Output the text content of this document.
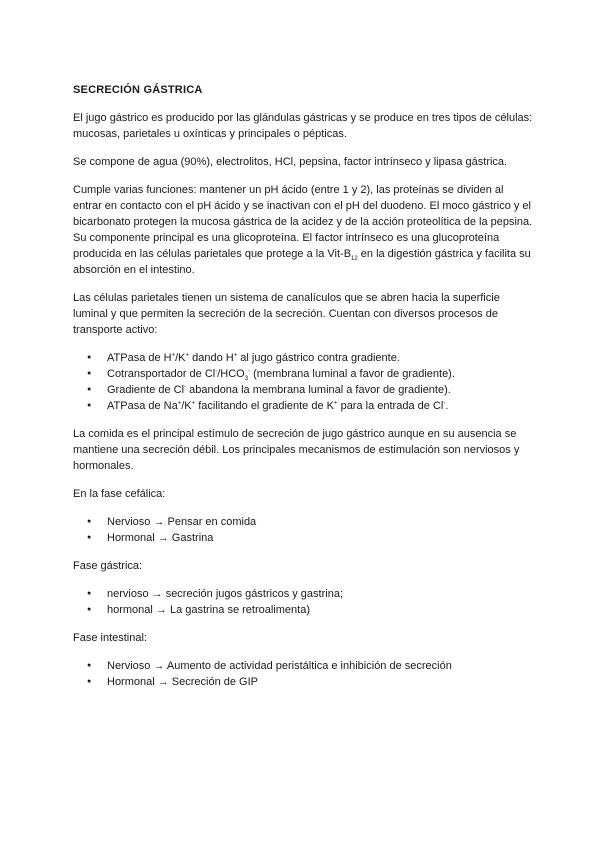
SECRECIÓN GÁSTRICA

El jugo gástrico es producido por las glándulas gástricas y se produce en tres tipos de células: mucosas, parietales u oxínticas y principales o pépticas.

Se compone de agua (90%), electrolitos, HCl, pepsina, factor intrínseco y lipasa gástrica.

Cumple varias funciones: mantener un pH ácido (entre 1 y 2), las proteínas se dividen al entrar en contacto con el pH ácido y se inactivan con el pH del duodeno. El moco gástrico y el bicarbonato protegen la mucosa gástrica de la acidez y de la acción proteolítica de la pepsina. Su componente principal es una glicoproteína. El factor intrínseco es una glucoproteína producida en las células parietales que protege a la Vit-$B_{12}$ en la digestión gástrica y facilita su absorción en el intestino.

Las células parietales tienen un sistema de canalículos que se abren hacia la superficie luminal y que permiten la secreción de la secreción. Cuentan con diversos procesos de transporte activo:

● ATPasa de H+/K+ dando H+ al jugo gástrico contra gradiente.
● Cotransportador de $Cl^-/HCO_3^-$ (membrana luminal a favor de gradiente).
● Gradiente de Cl- abandona la membrana luminal a favor de gradiente).
● ATPasa de Na+/K+ facilitando el gradiente de K+ para la entrada de Cl-.

La comida es el principal estímulo de secreción de jugo gástrico aunque en su ausencia se mantiene una secreción débil. Los principales mecanismos de estimulación son nerviosos y hormonales.

En la fase cefálica:

● Nervioso → Pensar en comida
● Hormonal → Gastrina

Fase gástrica:

● nervioso → secreción jugos gástricos y gastrina;
● hormonal → La gastrina se retroalimenta)

Fase intestinal:

● Nervioso → Aumento de actividad peristáltica e inhibición de secreción
● Hormonal → Secreción de GIP
